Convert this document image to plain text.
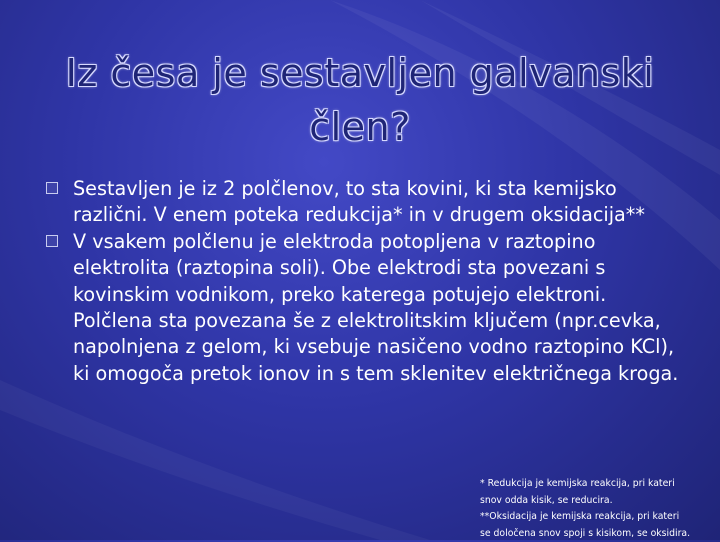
Iz česa je sestavljen galvanski
člen?
Sestavljen je iz 2 polčlenov, to sta kovini, ki sta kemijsko različni. V enem poteka redukcija* in v drugem oksidacija**
V vsakem polčlenu je elektroda potopljena v raztopino elektrolita (raztopina soli). Obe elektrodi sta povezani s kovinskim vodnikom, preko katerega potujejo elektroni. Polčlena sta povezana še z elektrolitskim ključem (npr.cevka, napolnjena z gelom, ki vsebuje nasičeno vodno raztopino KCl), ki omogoča pretok ionov in s tem sklenitev električnega kroga.
* Redukcija je kemijska reakcija, pri kateri
snov odda kisik, se reducira.
**Oksidacija je kemijska reakcija, pri kateri
se določena snov spoji s kisikom, se oksidira.
